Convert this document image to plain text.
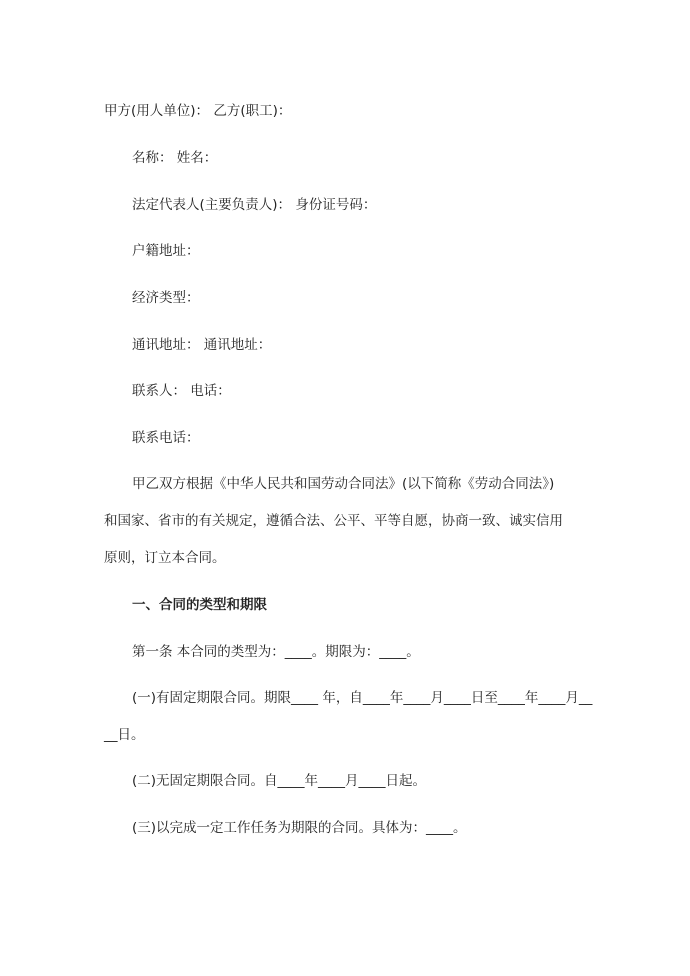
甲方(用人单位)： 乙方(职工)：
名称： 姓名：
法定代表人(主要负责人)： 身份证号码：
户籍地址：
经济类型：
通讯地址： 通讯地址：
联系人： 电话：
联系电话：
甲乙双方根据《中华人民共和国劳动合同法》(以下简称《劳动合同法》)
和国家、省市的有关规定，遵循合法、公平、平等自愿，协商一致、诚实信用
原则，订立本合同。
一、合同的类型和期限
第一条 本合同的类型为：____。期限为：____。
(一)有固定期限合同。期限____ 年，自____年____月____日至____年____月__
__日。
(二)无固定期限合同。自____年____月____日起。
(三)以完成一定工作任务为期限的合同。具体为：____。
